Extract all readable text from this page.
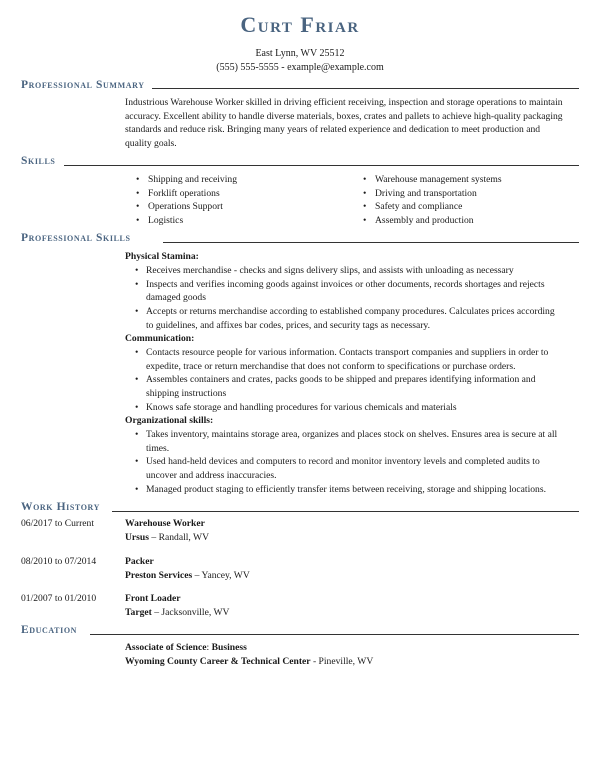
Curt Friar
East Lynn, WV 25512
(555) 555-5555 - example@example.com
Professional Summary
Industrious Warehouse Worker skilled in driving efficient receiving, inspection and storage operations to maintain
accuracy. Excellent ability to handle diverse materials, boxes, crates and pallets to achieve high-quality packaging
standards and reduce risk. Bringing many years of related experience and dedication to meet production and
quality goals.
Skills
• Shipping and receiving
• Forklift operations
• Operations Support
• Logistics
• Warehouse management systems
• Driving and transportation
• Safety and compliance
• Assembly and production
Professional Skills
Physical Stamina:
• Receives merchandise - checks and signs delivery slips, and assists with unloading as necessary
• Inspects and verifies incoming goods against invoices or other documents, records shortages and rejects
damaged goods
• Accepts or returns merchandise according to established company procedures. Calculates prices according
to guidelines, and affixes bar codes, prices, and security tags as necessary.
Communication:
• Contacts resource people for various information. Contacts transport companies and suppliers in order to
expedite, trace or return merchandise that does not conform to specifications or purchase orders.
• Assembles containers and crates, packs goods to be shipped and prepares identifying information and
shipping instructions
• Knows safe storage and handling procedures for various chemicals and materials
Organizational skills:
• Takes inventory, maintains storage area, organizes and places stock on shelves. Ensures area is secure at all
times.
• Used hand-held devices and computers to record and monitor inventory levels and completed audits to
uncover and address inaccuracies.
• Managed product staging to efficiently transfer items between receiving, storage and shipping locations.
Work History
06/2017 to Current	Warehouse Worker
Ursus – Randall, WV
08/2010 to 07/2014	Packer
Preston Services – Yancey, WV
01/2007 to 01/2010	Front Loader
Target – Jacksonville, WV
Education
Associate of Science: Business
Wyoming County Career & Technical Center - Pineville, WV
